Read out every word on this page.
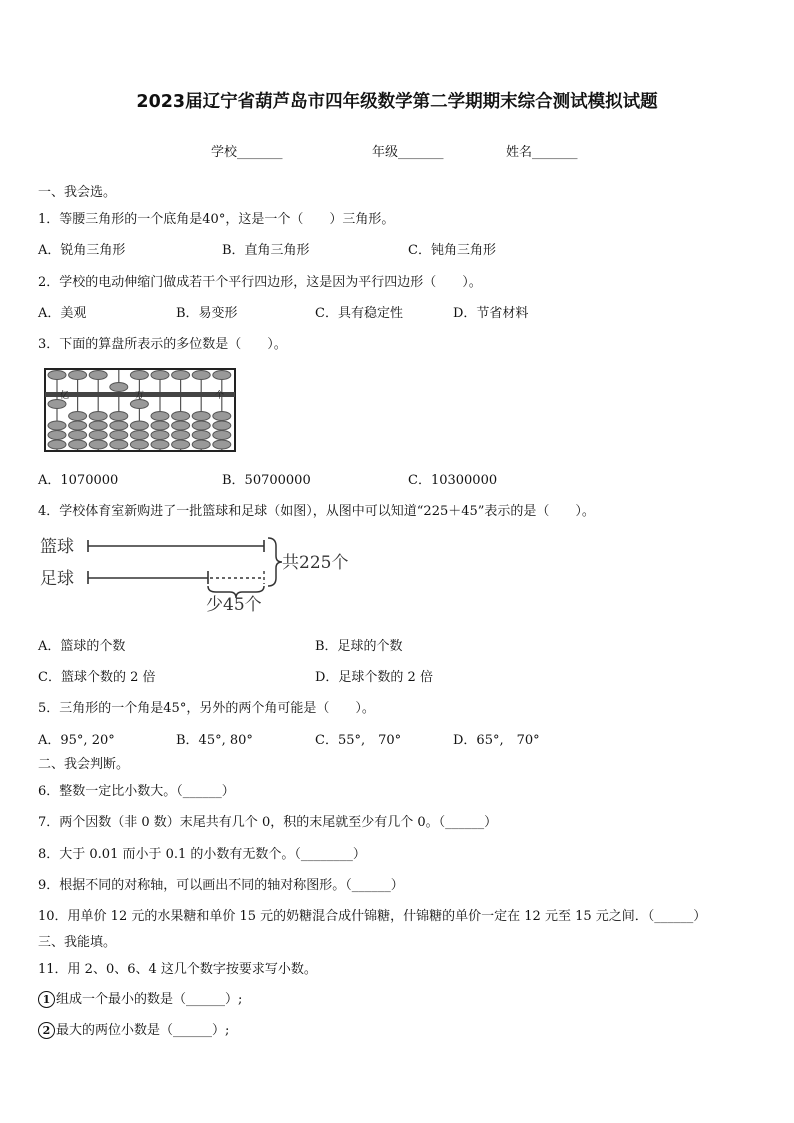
2023届辽宁省葫芦岛市四年级数学第二学期期末综合测试模拟试题
学校_______	年级_______	姓名_______
一、我会选。
1．等腰三角形的一个底角是40°，这是一个（　　）三角形。
A．锐角三角形	B．直角三角形	C．钝角三角形
2．学校的电动伸缩门做成若干个平行四边形，这是因为平行四边形（　　）。
A．美观	B．易变形	C．具有稳定性	D．节省材料
3．下面的算盘所表示的多位数是（　　）。
亿	万	个
A．1070000	B．50700000	C．10300000
4．学校体育室新购进了一批篮球和足球（如图），从图中可以知道“225＋45”表示的是（　　）。
篮球
足球
共225个
少45个
A．篮球的个数	B．足球的个数
C．篮球个数的 2 倍	D．足球个数的 2 倍
5．三角形的一个角是45°，另外的两个角可能是（　　）。
A．95°, 20°	B．45°, 80°	C．55°,　70°	D．65°,　70°
二、我会判断。
6．整数一定比小数大。（______）
7．两个因数（非 0 数）末尾共有几个 0，积的末尾就至少有几个 0。（______）
8．大于 0.01 而小于 0.1 的小数有无数个。（________）
9．根据不同的对称轴，可以画出不同的轴对称图形。（______）
10．用单价 12 元的水果糖和单价 15 元的奶糖混合成什锦糖，什锦糖的单价一定在 12 元至 15 元之间．（______）
三、我能填。
11．用 2、0、6、4 这几个数字按要求写小数。
1 组成一个最小的数是（______）;
2 最大的两位小数是（______）;
